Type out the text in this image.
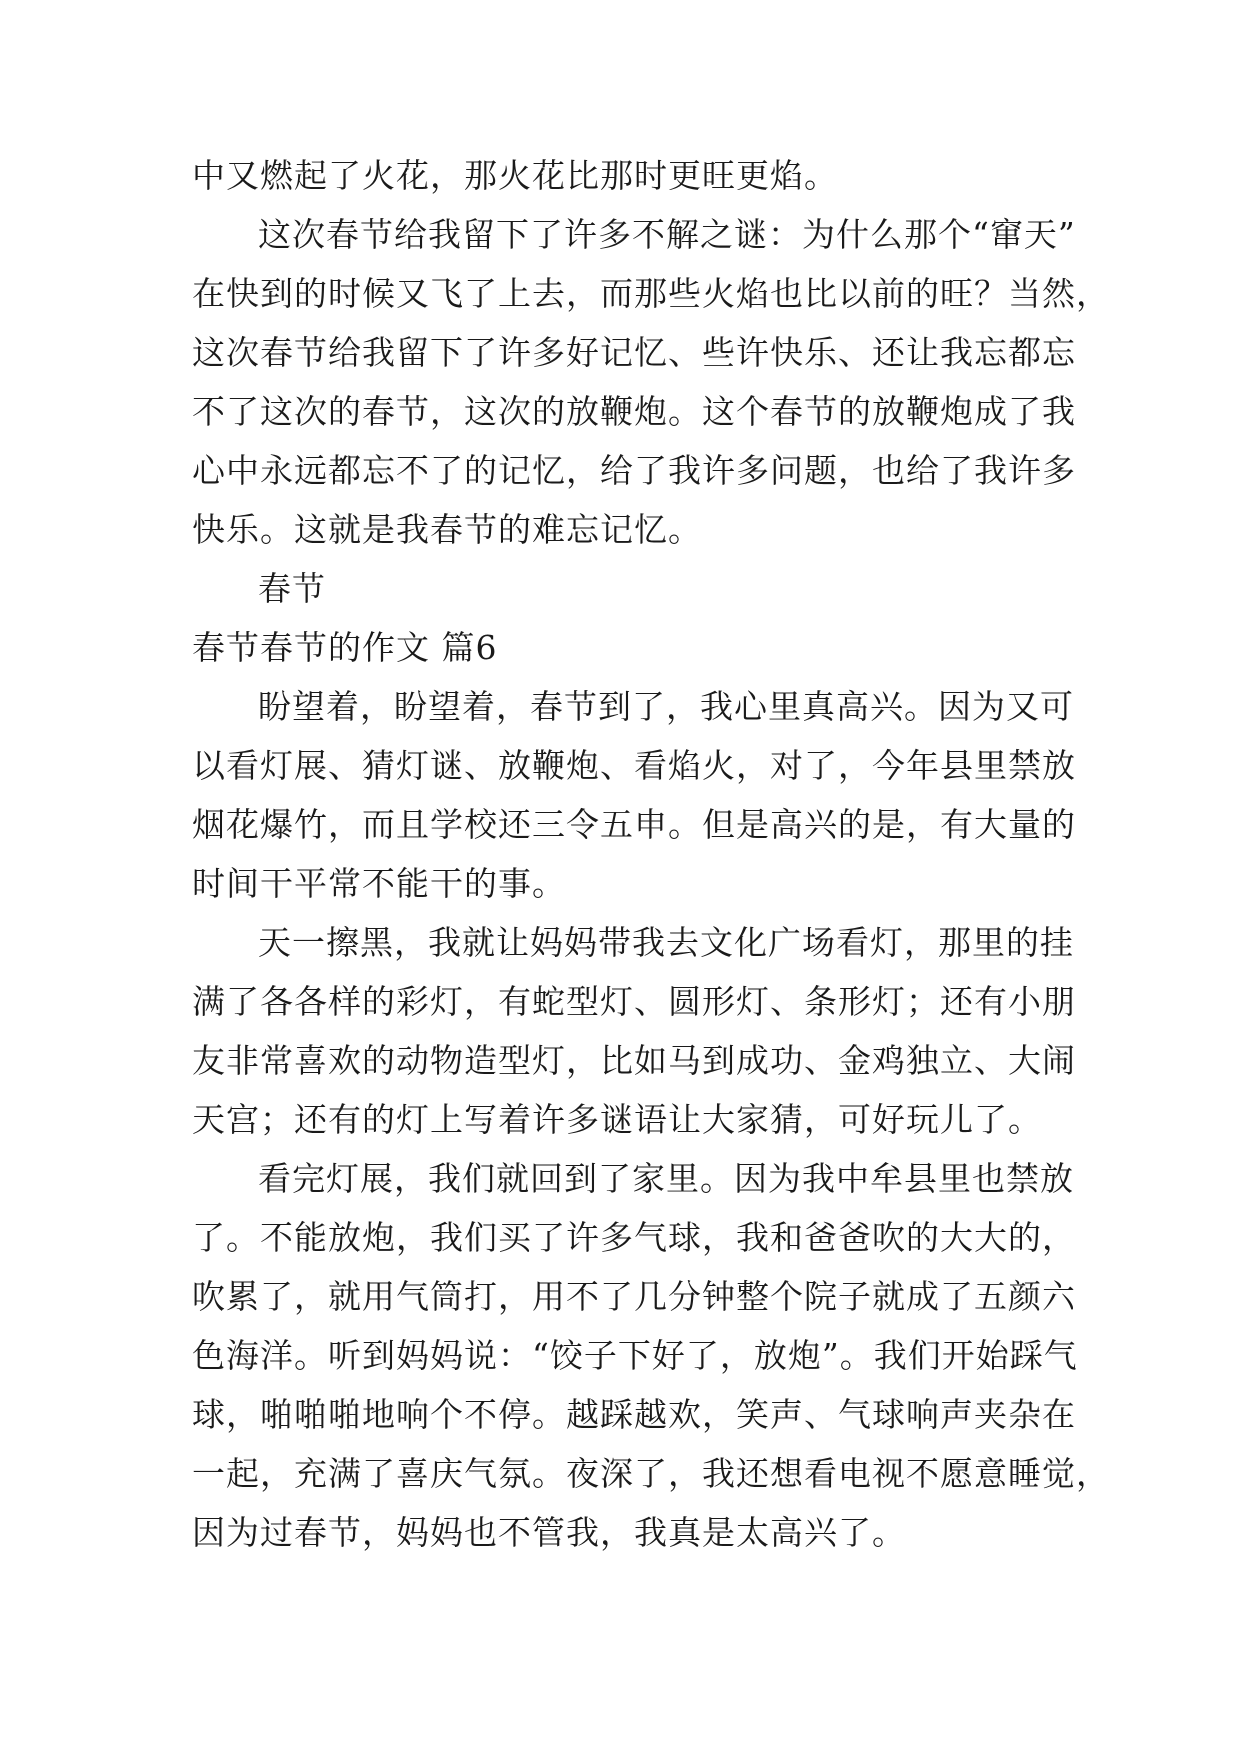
中又燃起了火花，那火花比那时更旺更焰。
这次春节给我留下了许多不解之谜：为什么那个“窜天”
在快到的时候又飞了上去，而那些火焰也比以前的旺？当然，
这次春节给我留下了许多好记忆、些许快乐、还让我忘都忘
不了这次的春节，这次的放鞭炮。这个春节的放鞭炮成了我
心中永远都忘不了的记忆，给了我许多问题，也给了我许多
快乐。这就是我春节的难忘记忆。
春节
春节春节的作文 篇6
盼望着，盼望着，春节到了，我心里真高兴。因为又可
以看灯展、猜灯谜、放鞭炮、看焰火，对了，今年县里禁放
烟花爆竹，而且学校还三令五申。但是高兴的是，有大量的
时间干平常不能干的事。
天一擦黑，我就让妈妈带我去文化广场看灯，那里的挂
满了各各样的彩灯，有蛇型灯、圆形灯、条形灯；还有小朋
友非常喜欢的动物造型灯，比如马到成功、金鸡独立、大闹
天宫；还有的灯上写着许多谜语让大家猜，可好玩儿了。
看完灯展，我们就回到了家里。因为我中牟县里也禁放
了。不能放炮，我们买了许多气球，我和爸爸吹的大大的，
吹累了，就用气筒打，用不了几分钟整个院子就成了五颜六
色海洋。听到妈妈说：“饺子下好了，放炮”。我们开始踩气
球，啪啪啪地响个不停。越踩越欢，笑声、气球响声夹杂在
一起，充满了喜庆气氛。夜深了，我还想看电视不愿意睡觉，
因为过春节，妈妈也不管我，我真是太高兴了。
